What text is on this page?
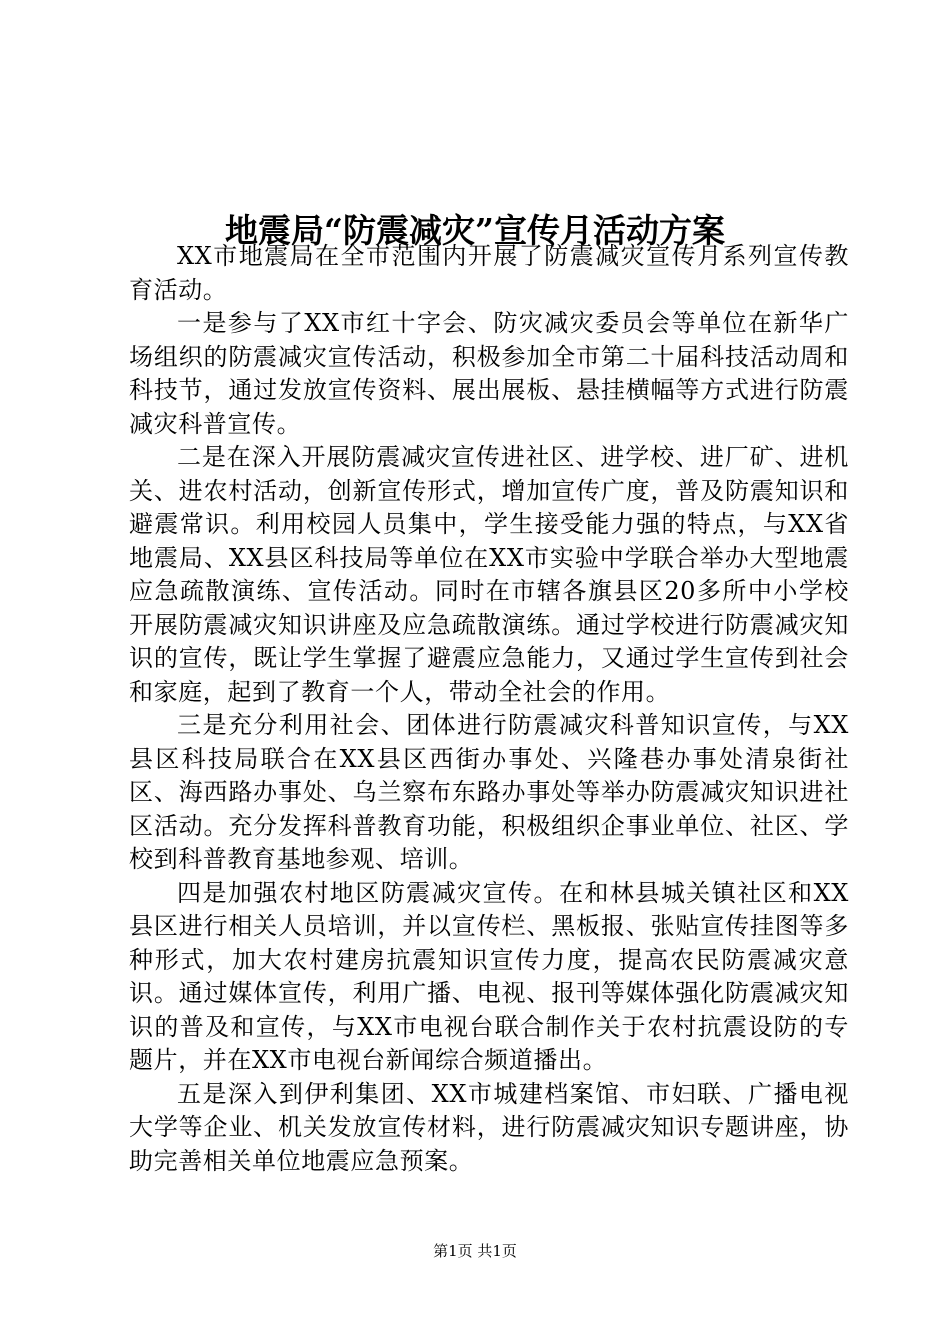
地震局“防震减灾”宣传月活动方案

XX市地震局在全市范围内开展了防震减灾宣传月系列宣传教育活动。

一是参与了XX市红十字会、防灾减灾委员会等单位在新华广场组织的防震减灾宣传活动，积极参加全市第二十届科技活动周和科技节，通过发放宣传资料、展出展板、悬挂横幅等方式进行防震减灾科普宣传。

二是在深入开展防震减灾宣传进社区、进学校、进厂矿、进机关、进农村活动，创新宣传形式，增加宣传广度，普及防震知识和避震常识。利用校园人员集中，学生接受能力强的特点，与XX省地震局、XX县区科技局等单位在XX市实验中学联合举办大型地震应急疏散演练、宣传活动。同时在市辖各旗县区20多所中小学校开展防震减灾知识讲座及应急疏散演练。通过学校进行防震减灾知识的宣传，既让学生掌握了避震应急能力，又通过学生宣传到社会和家庭，起到了教育一个人，带动全社会的作用。

三是充分利用社会、团体进行防震减灾科普知识宣传，与XX县区科技局联合在XX县区西街办事处、兴隆巷办事处清泉街社区、海西路办事处、乌兰察布东路办事处等举办防震减灾知识进社区活动。充分发挥科普教育功能，积极组织企事业单位、社区、学校到科普教育基地参观、培训。

四是加强农村地区防震减灾宣传。在和林县城关镇社区和XX县区进行相关人员培训，并以宣传栏、黑板报、张贴宣传挂图等多种形式，加大农村建房抗震知识宣传力度，提高农民防震减灾意识。通过媒体宣传，利用广播、电视、报刊等媒体强化防震减灾知识的普及和宣传，与XX市电视台联合制作关于农村抗震设防的专题片，并在XX市电视台新闻综合频道播出。

五是深入到伊利集团、XX市城建档案馆、市妇联、广播电视大学等企业、机关发放宣传材料，进行防震减灾知识专题讲座，协助完善相关单位地震应急预案。

第1页 共1页
